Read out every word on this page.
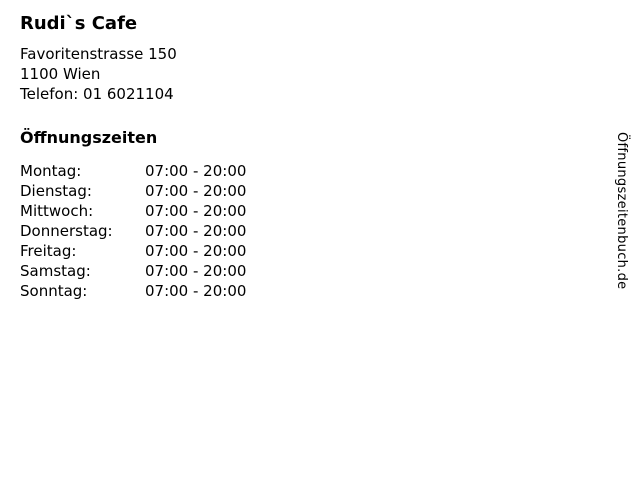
Rudi`s Cafe
Favoritenstrasse 150
1100 Wien
Telefon: 01 6021104
Öffnungszeiten
Montag:	07:00 - 20:00
Dienstag:	07:00 - 20:00
Mittwoch:	07:00 - 20:00
Donnerstag:	07:00 - 20:00
Freitag:	07:00 - 20:00
Samstag:	07:00 - 20:00
Sonntag:	07:00 - 20:00
Öffnungszeitenbuch.de
